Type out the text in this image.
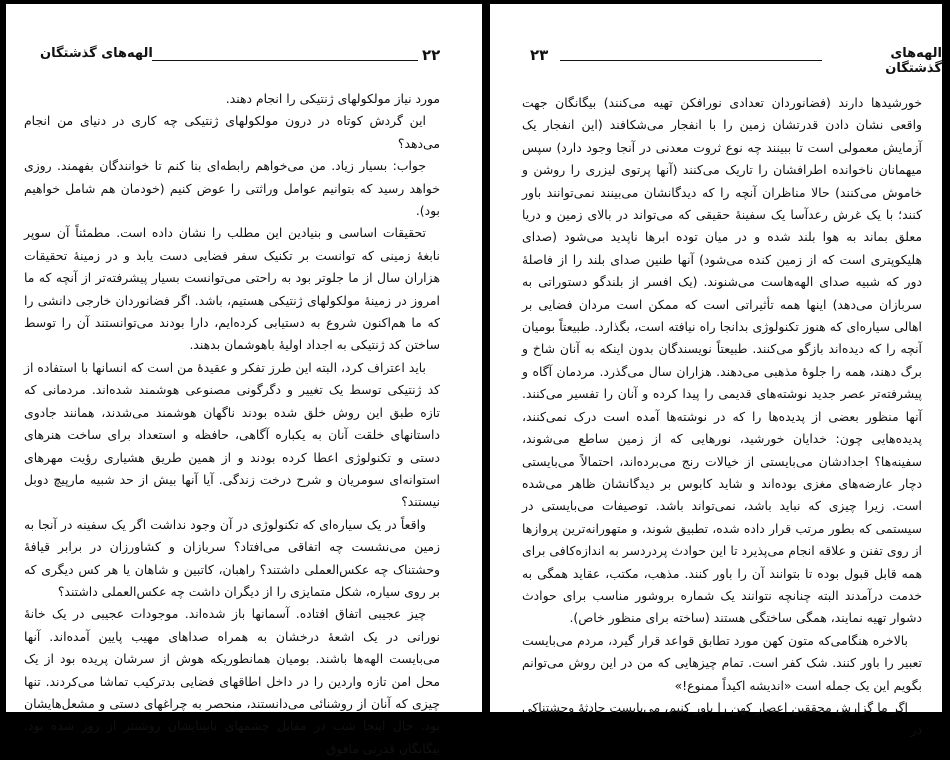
الهه‌های گذشتگان	۲۲

مورد نیاز مولکولهای ژنتیکی را انجام دهند.

این گردش کوتاه در درون مولکولهای ژنتیکی چه کاری در دنیای من انجام می‌دهد؟

جواب: بسیار زیاد. من می‌خواهم رابطه‌ای بنا کنم تا خوانندگان بفهمند. روزی خواهد رسید که بتوانیم عوامل وراثتی را عوض کنیم (خودمان هم شامل خواهیم بود).

تحقیقات اساسی و بنیادین این مطلب را نشان داده است. مطمئناً آن سوپر نابغهٔ زمینی که توانست بر تکنیک سفر فضایی دست یابد و در زمینهٔ تحقیقات هزاران سال از ما جلوتر بود به راحتی می‌توانست بسیار پیشرفته‌تر از آنچه که ما امروز در زمینهٔ مولکولهای ژنتیکی هستیم، باشد. اگر فضانوردان خارجی دانشی را که ما هم‌اکنون شروع به دستیابی کرده‌ایم، دارا بودند می‌توانستند آن را توسط ساختن کد ژنتیکی به اجداد اولیهٔ باهوشمان بدهند.

باید اعتراف کرد، البته این طرز تفکر و عقیدهٔ من است که انسانها با استفاده از کد ژنتیکی توسط یک تغییر و دگرگونی مصنوعی هوشمند شده‌اند. مردمانی که تازه طبق این روش خلق شده بودند ناگهان هوشمند می‌شدند، همانند جادوی داستانهای خلقت آنان به یکباره آگاهی، حافظه و استعداد برای ساخت هنرهای دستی و تکنولوژی اعطا کرده بودند و از همین طریق هشیاری رؤیت مهرهای استوانه‌ای سومریان و شرح درخت زندگی. آیا آنها بیش از حد شبیه مارپیچ دوبل نیستند؟

واقعاً در یک سیاره‌ای که تکنولوژی در آن وجود نداشت اگر یک سفینه در آنجا به زمین می‌نشست چه اتفاقی می‌افتاد؟ سربازان و کشاورزان در برابر قیافهٔ وحشتناک چه عکس‌العملی داشتند؟ راهبان، کاتبین و شاهان یا هر کس دیگری که بر روی سیاره، شکل متمایزی را از دیگران داشت چه عکس‌العملی داشتند؟

چیز عجیبی اتفاق افتاده. آسمانها باز شده‌اند. موجودات عجیبی در یک خانهٔ نورانی در یک اشعهٔ درخشان به همراه صداهای مهیب پایین آمده‌اند. آنها می‌بایست الهه‌ها باشند. بومیان همانطوریکه هوش از سرشان پریده بود از یک محل امن تازه واردین را در داخل اطاقهای فضایی بدترکیب تماشا می‌کردند. تنها چیزی که آنان از روشنائی می‌دانستند، منحصر به چراغهای دستی و مشعل‌هایشان بود. حال اینجا شب در مقابل چشمهای نابینایشان روشنتر از روز شده بود. بیگانگان قدرتی مافوق

الهه‌های گذشتگان
۲۳

خورشیدها دارند (فضانوردان تعدادی نورافکن تهیه می‌کنند) بیگانگان جهت واقعی نشان دادن قدرتشان زمین را با انفجار می‌شکافند (این انفجار یک آزمایش معمولی است تا ببینند چه نوع ثروت معدنی در آنجا وجود دارد) سپس میهمانان ناخوانده اطرافشان را تاریک می‌کنند (آنها پرتوی لیزری را روشن و خاموش می‌کنند) حالا مناظران آنچه را که دیدگانشان می‌بینند نمی‌توانند باور کنند؛ با یک غرش رعدآسا یک سفینهٔ حقیقی که می‌تواند در بالای زمین و دریا معلق بماند به هوا بلند شده و در میان توده ابرها ناپدید می‌شود (صدای هلیکوپتری است که از زمین کنده می‌شود) آنها طنین صدای بلند را از فاصلهٔ دور که شبیه صدای الهه‌هاست می‌شنوند. (یک افسر از بلندگو دستوراتی به سربازان می‌دهد) اینها همه تأثیراتی است که ممکن است مردان فضایی بر اهالی سیاره‌ای که هنوز تکنولوژی بدانجا راه نیافته است، بگذارد. طبیعتاً بومیان آنچه را که دیده‌اند بازگو می‌کنند. طبیعتاً نویسندگان بدون اینکه به آنان شاخ و برگ دهند، همه را جلوهٔ مذهبی می‌دهند. هزاران سال می‌گذرد. مردمان آگاه و پیشرفته‌تر عصر جدید نوشته‌های قدیمی را پیدا کرده و آنان را تفسیر می‌کنند. آنها منظور بعضی از پدیده‌ها را که در نوشته‌ها آمده است درک نمی‌کنند، پدیده‌هایی چون: خدایان خورشید، نورهایی که از زمین ساطع می‌شوند، سفینه‌ها؟ اجدادشان می‌بایستی از خیالات رنج می‌برده‌اند، احتمالاً می‌بایستی دچار عارضه‌های مغزی بوده‌اند و شاید کابوس بر دیدگانشان ظاهر می‌شده است. زیرا چیزی که نباید باشد، نمی‌تواند باشد. توصیفات می‌بایستی در سیستمی که بطور مرتب قرار داده شده، تطبیق شوند، و متهورانه‌ترین پروازها از روی تفنن و علاقه انجام می‌پذیرد تا این حوادث پردردسر به اندازه‌کافی برای همه قابل قبول بوده تا بتوانند آن را باور کنند. مذهب، مکتب، عقاید همگی به خدمت درآمدند البته چنانچه نتوانند یک شماره بروشور مناسب برای حوادث دشوار تهیه نمایند، همگی ساختگی هستند (ساخته برای منظور خاص).

بالاخره هنگامی‌که متون کهن مورد تطابق قواعد قرار گیرد، مردم می‌بایست تعبیر را باور کنند. شک کفر است. تمام چیزهایی که من در این روش می‌توانم بگویم این یک جمله است «اندیشه اکیداً ممنوع!»

اگر ما گزارش محققین اعصار کهن را باور کنیم، می‌بایست حادثهٔ وحشتناکی در
